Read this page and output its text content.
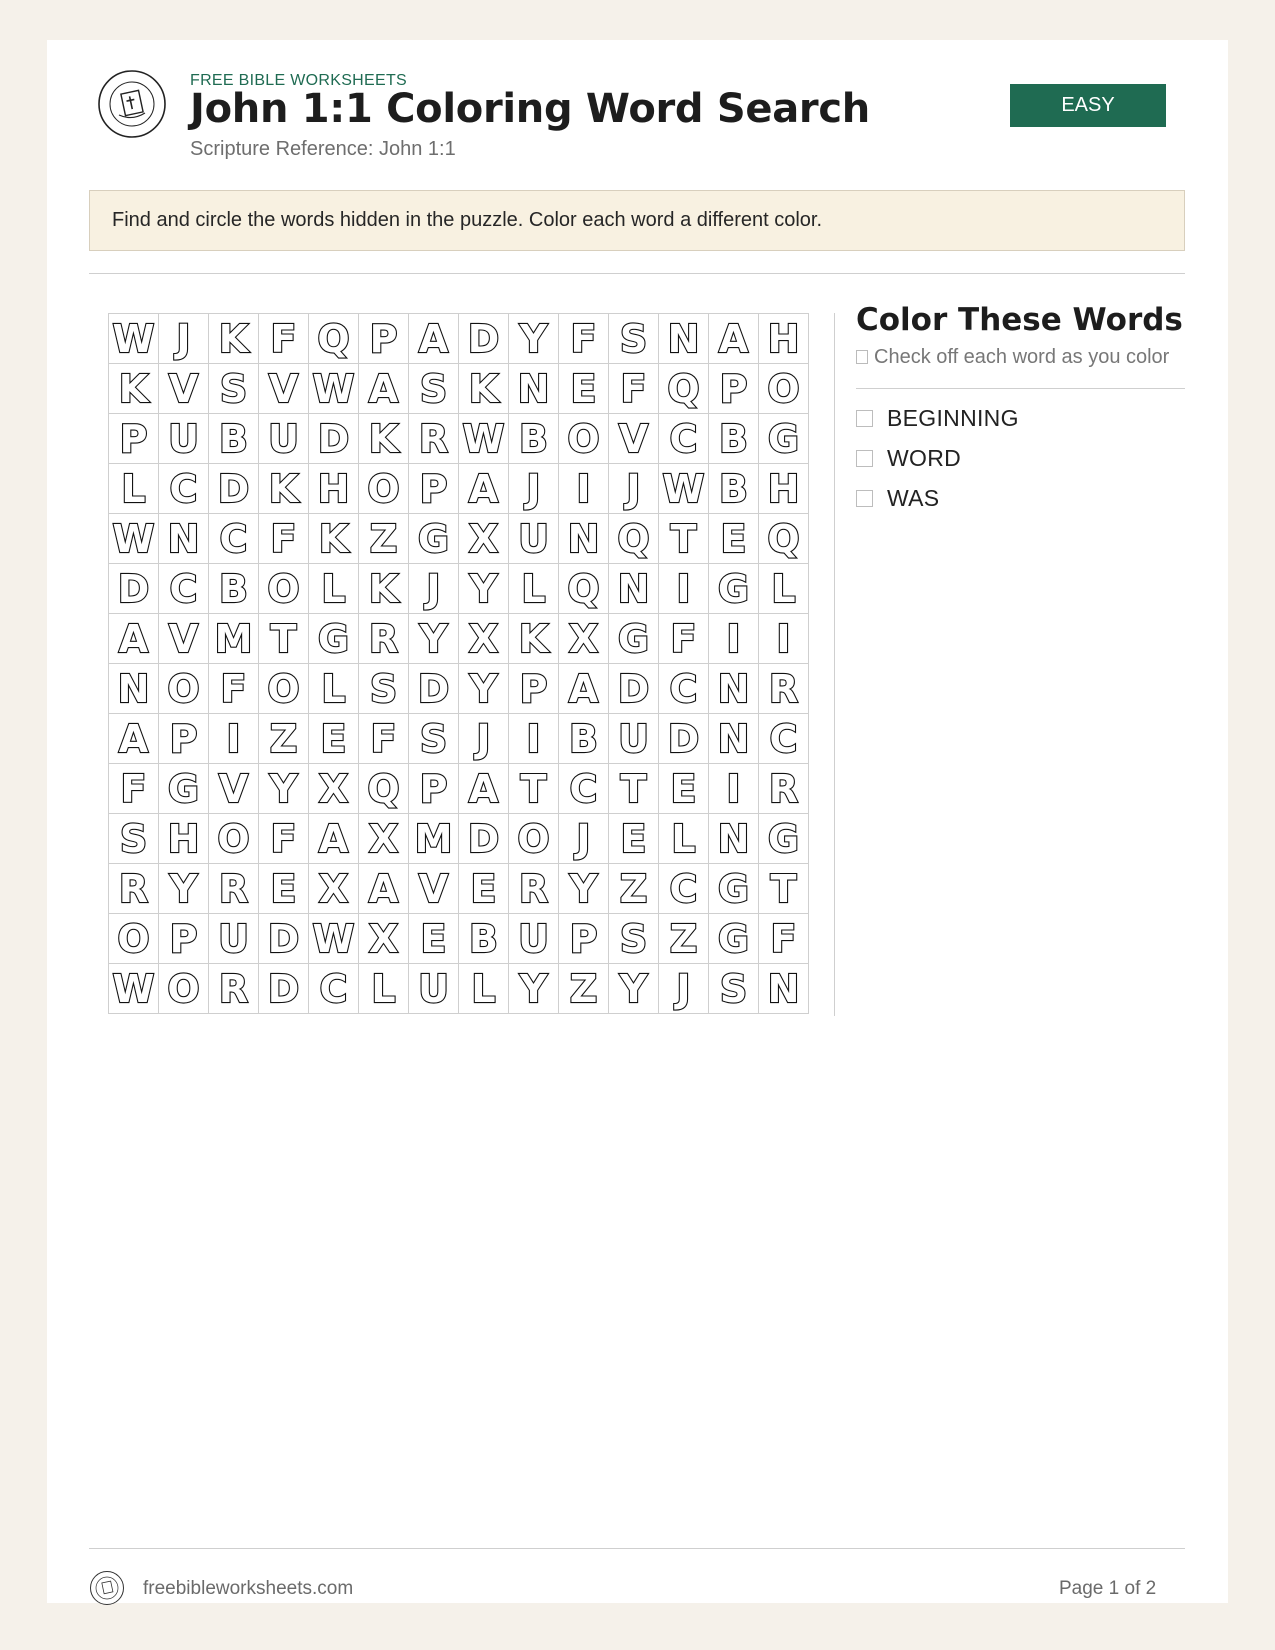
FREE BIBLE WORKSHEETS
John 1:1 Coloring Word Search
Scripture Reference: John 1:1
EASY
Find and circle the words hidden in the puzzle. Color each word a different color.
W J K F Q P A D Y F S N A H
K V S V W A S K N E F Q P O
P U B U D K R W B O V C B G
L C D K H O P A J I J W B H
W N C F K Z G X U N Q T E Q
D C B O L K J Y L Q N I G L
A V M T G R Y X K X G F I I
N O F O L S D Y P A D C N R
A P I Z E F S J I B U D N C
F G V Y X Q P A T C T E I R
S H O F A X M D O J E L N G
R Y R E X A V E R Y Z C G T
O P U D W X E B U P S Z G F
W O R D C L U L Y Z Y J S N
Color These Words
Check off each word as you color
BEGINNING
WORD
WAS
freebibleworksheets.com	Page 1 of 2
